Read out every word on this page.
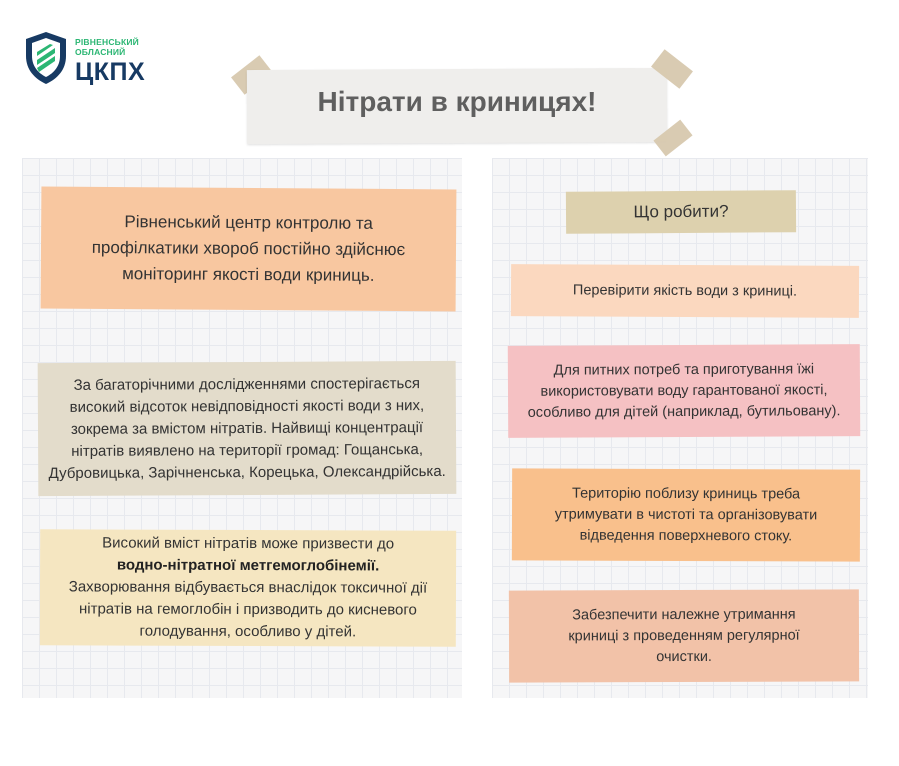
РІВНЕНСЬКИЙ
ОБЛАСНИЙ
ЦКПХ
Нітрати в криницях!
Рівненський центр контролю та профілкатики хвороб постійно здійснює моніторинг якості води криниць.
За багаторічними дослідженнями спостерігається високий відсоток невідповідності якості води з них, зокрема за вмістом нітратів. Найвищі концентрації нітратів виявлено на території громад: Гощанська, Дубровицька, Зарічненська, Корецька, Олександрійська.
Високий вміст нітратів може призвести до
водно-нітратної метгемоглобінемії.
Захворювання відбувається внаслідок токсичної дії нітратів на гемоглобін і призводить до кисневого голодування, особливо у дітей.
Що робити?
Перевірити якість води з криниці.
Для питних потреб та приготування їжі використовувати воду гарантованої якості, особливо для дітей (наприклад, бутильовану).
Територію поблизу криниць треба утримувати в чистоті та організовувати відведення поверхневого стоку.
Забезпечити належне утримання криниці з проведенням регулярної очистки.
